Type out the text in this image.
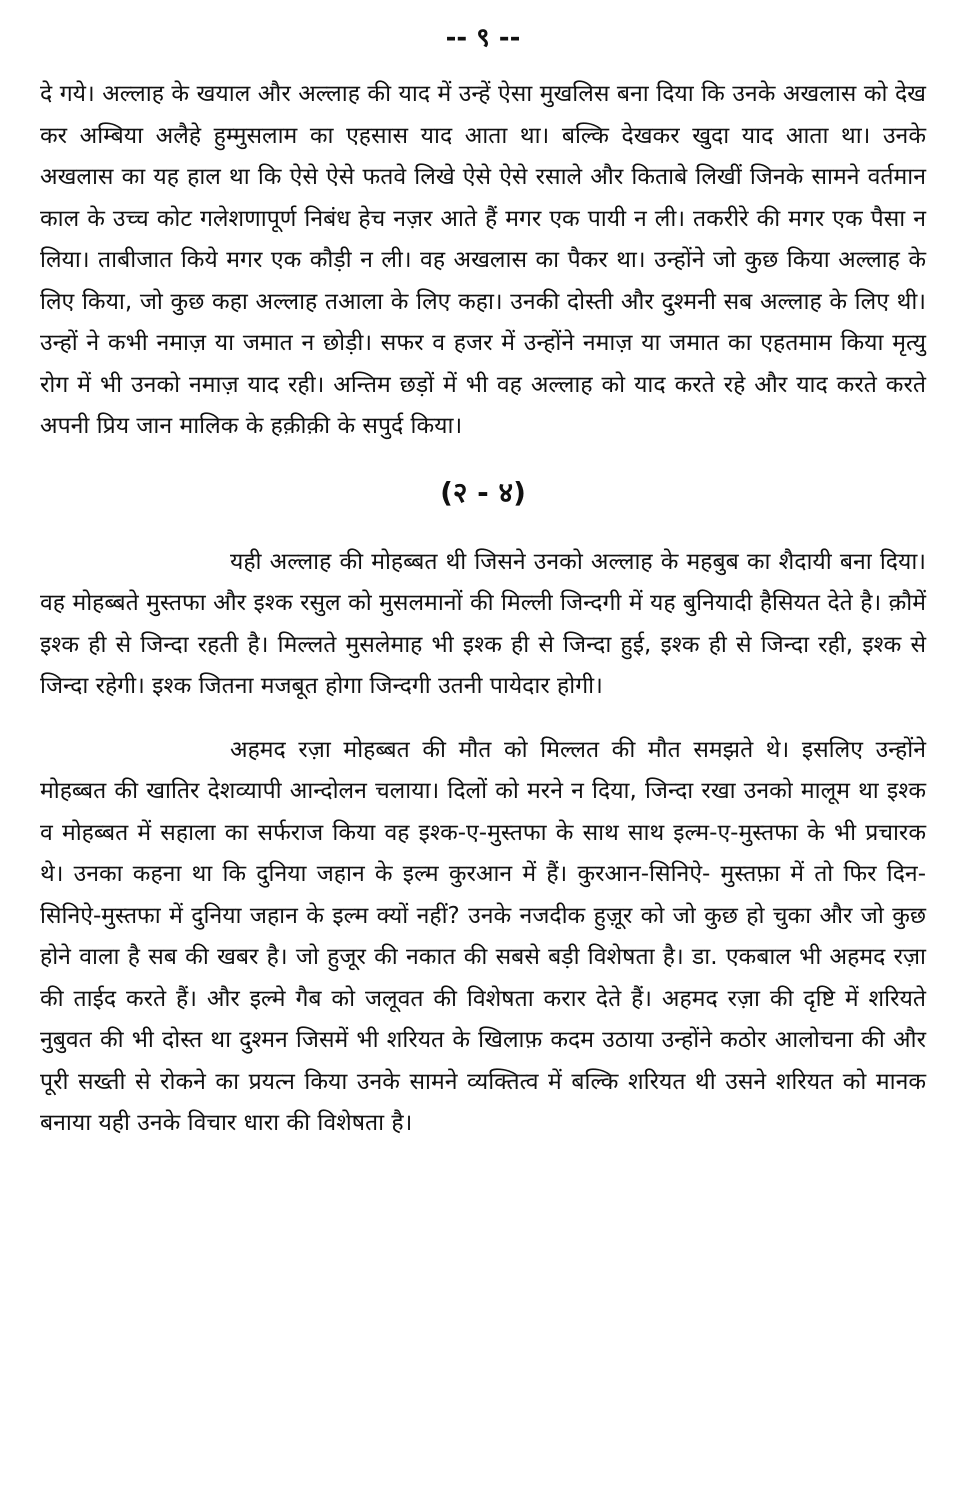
-- ९ --

दे गये। अल्लाह के खयाल और अल्लाह की याद में उन्हें ऐसा मुखलिस बना दिया कि उनके अखलास को देख कर अम्बिया अलैहे हुम्मुसलाम का एहसास याद आता था। बल्कि देखकर खुदा याद आता था। उनके अखलास का यह हाल था कि ऐसे ऐसे फतवे लिखे ऐसे ऐसे रसाले और किताबे लिखीं जिनके सामने वर्तमान काल के उच्च कोट गलेशणापूर्ण निबंध हेच नज़र आते हैं मगर एक पायी न ली। तकरीरे की मगर एक पैसा न लिया। ताबीजात किये मगर एक कौड़ी न ली। वह अखलास का पैकर था। उन्होंने जो कुछ किया अल्लाह के लिए किया, जो कुछ कहा अल्लाह तआला के लिए कहा। उनकी दोस्ती और दुश्मनी सब अल्लाह के लिए थी। उन्हों ने कभी नमाज़ या जमात न छोड़ी। सफर व हजर में उन्होंने नमाज़ या जमात का एहतमाम किया मृत्यु रोग में भी उनको नमाज़ याद रही। अन्तिम छड़ों में भी वह अल्लाह को याद करते रहे और याद करते करते अपनी प्रिय जान मालिक के हक़ीक़ी के सपुर्द किया।

(२ - ४)

यही अल्लाह की मोहब्बत थी जिसने उनको अल्लाह के महबुब का शैदायी बना दिया। वह मोहब्बते मुस्तफा और इश्क रसुल को मुसलमानों की मिल्ली जिन्दगी में यह बुनियादी हैसियत देते है। क़ौमें इश्क ही से जिन्दा रहती है। मिल्लते मुसलेमाह भी इश्क ही से जिन्दा हुई, इश्क ही से जिन्दा रही, इश्क से जिन्दा रहेगी। इश्क जितना मजबूत होगा जिन्दगी उतनी पायेदार होगी।

अहमद रज़ा मोहब्बत की मौत को मिल्लत की मौत समझते थे। इसलिए उन्होंने मोहब्बत की खातिर देशव्यापी आन्दोलन चलाया। दिलों को मरने न दिया, जिन्दा रखा उनको मालूम था इश्क व मोहब्बत में सहाला का सर्फराज किया वह इश्क-ए-मुस्तफा के साथ साथ इल्म-ए-मुस्तफा के भी प्रचारक थे। उनका कहना था कि दुनिया जहान के इल्म कुरआन में हैं। कुरआन-सिनिऐ- मुस्तफ़ा में तो फिर दिन-सिनिऐ-मुस्तफा में दुनिया जहान के इल्म क्यों नहीं? उनके नजदीक हुज़ूर को जो कुछ हो चुका और जो कुछ होने वाला है सब की खबर है। जो हुजूर की नकात की सबसे बड़ी विशेषता है। डा. एकबाल भी अहमद रज़ा की ताईद करते हैं। और इल्मे गैब को जलूवत की विशेषता करार देते हैं। अहमद रज़ा की दृष्टि में शरियते नुबुवत की भी दोस्त था दुश्मन जिसमें भी शरियत के खिलाफ़ कदम उठाया उन्होंने कठोर आलोचना की और पूरी सख्ती से रोकने का प्रयत्न किया उनके सामने व्यक्तित्व में बल्कि शरियत थी उसने शरियत को मानक बनाया यही उनके विचार धारा की विशेषता है।
